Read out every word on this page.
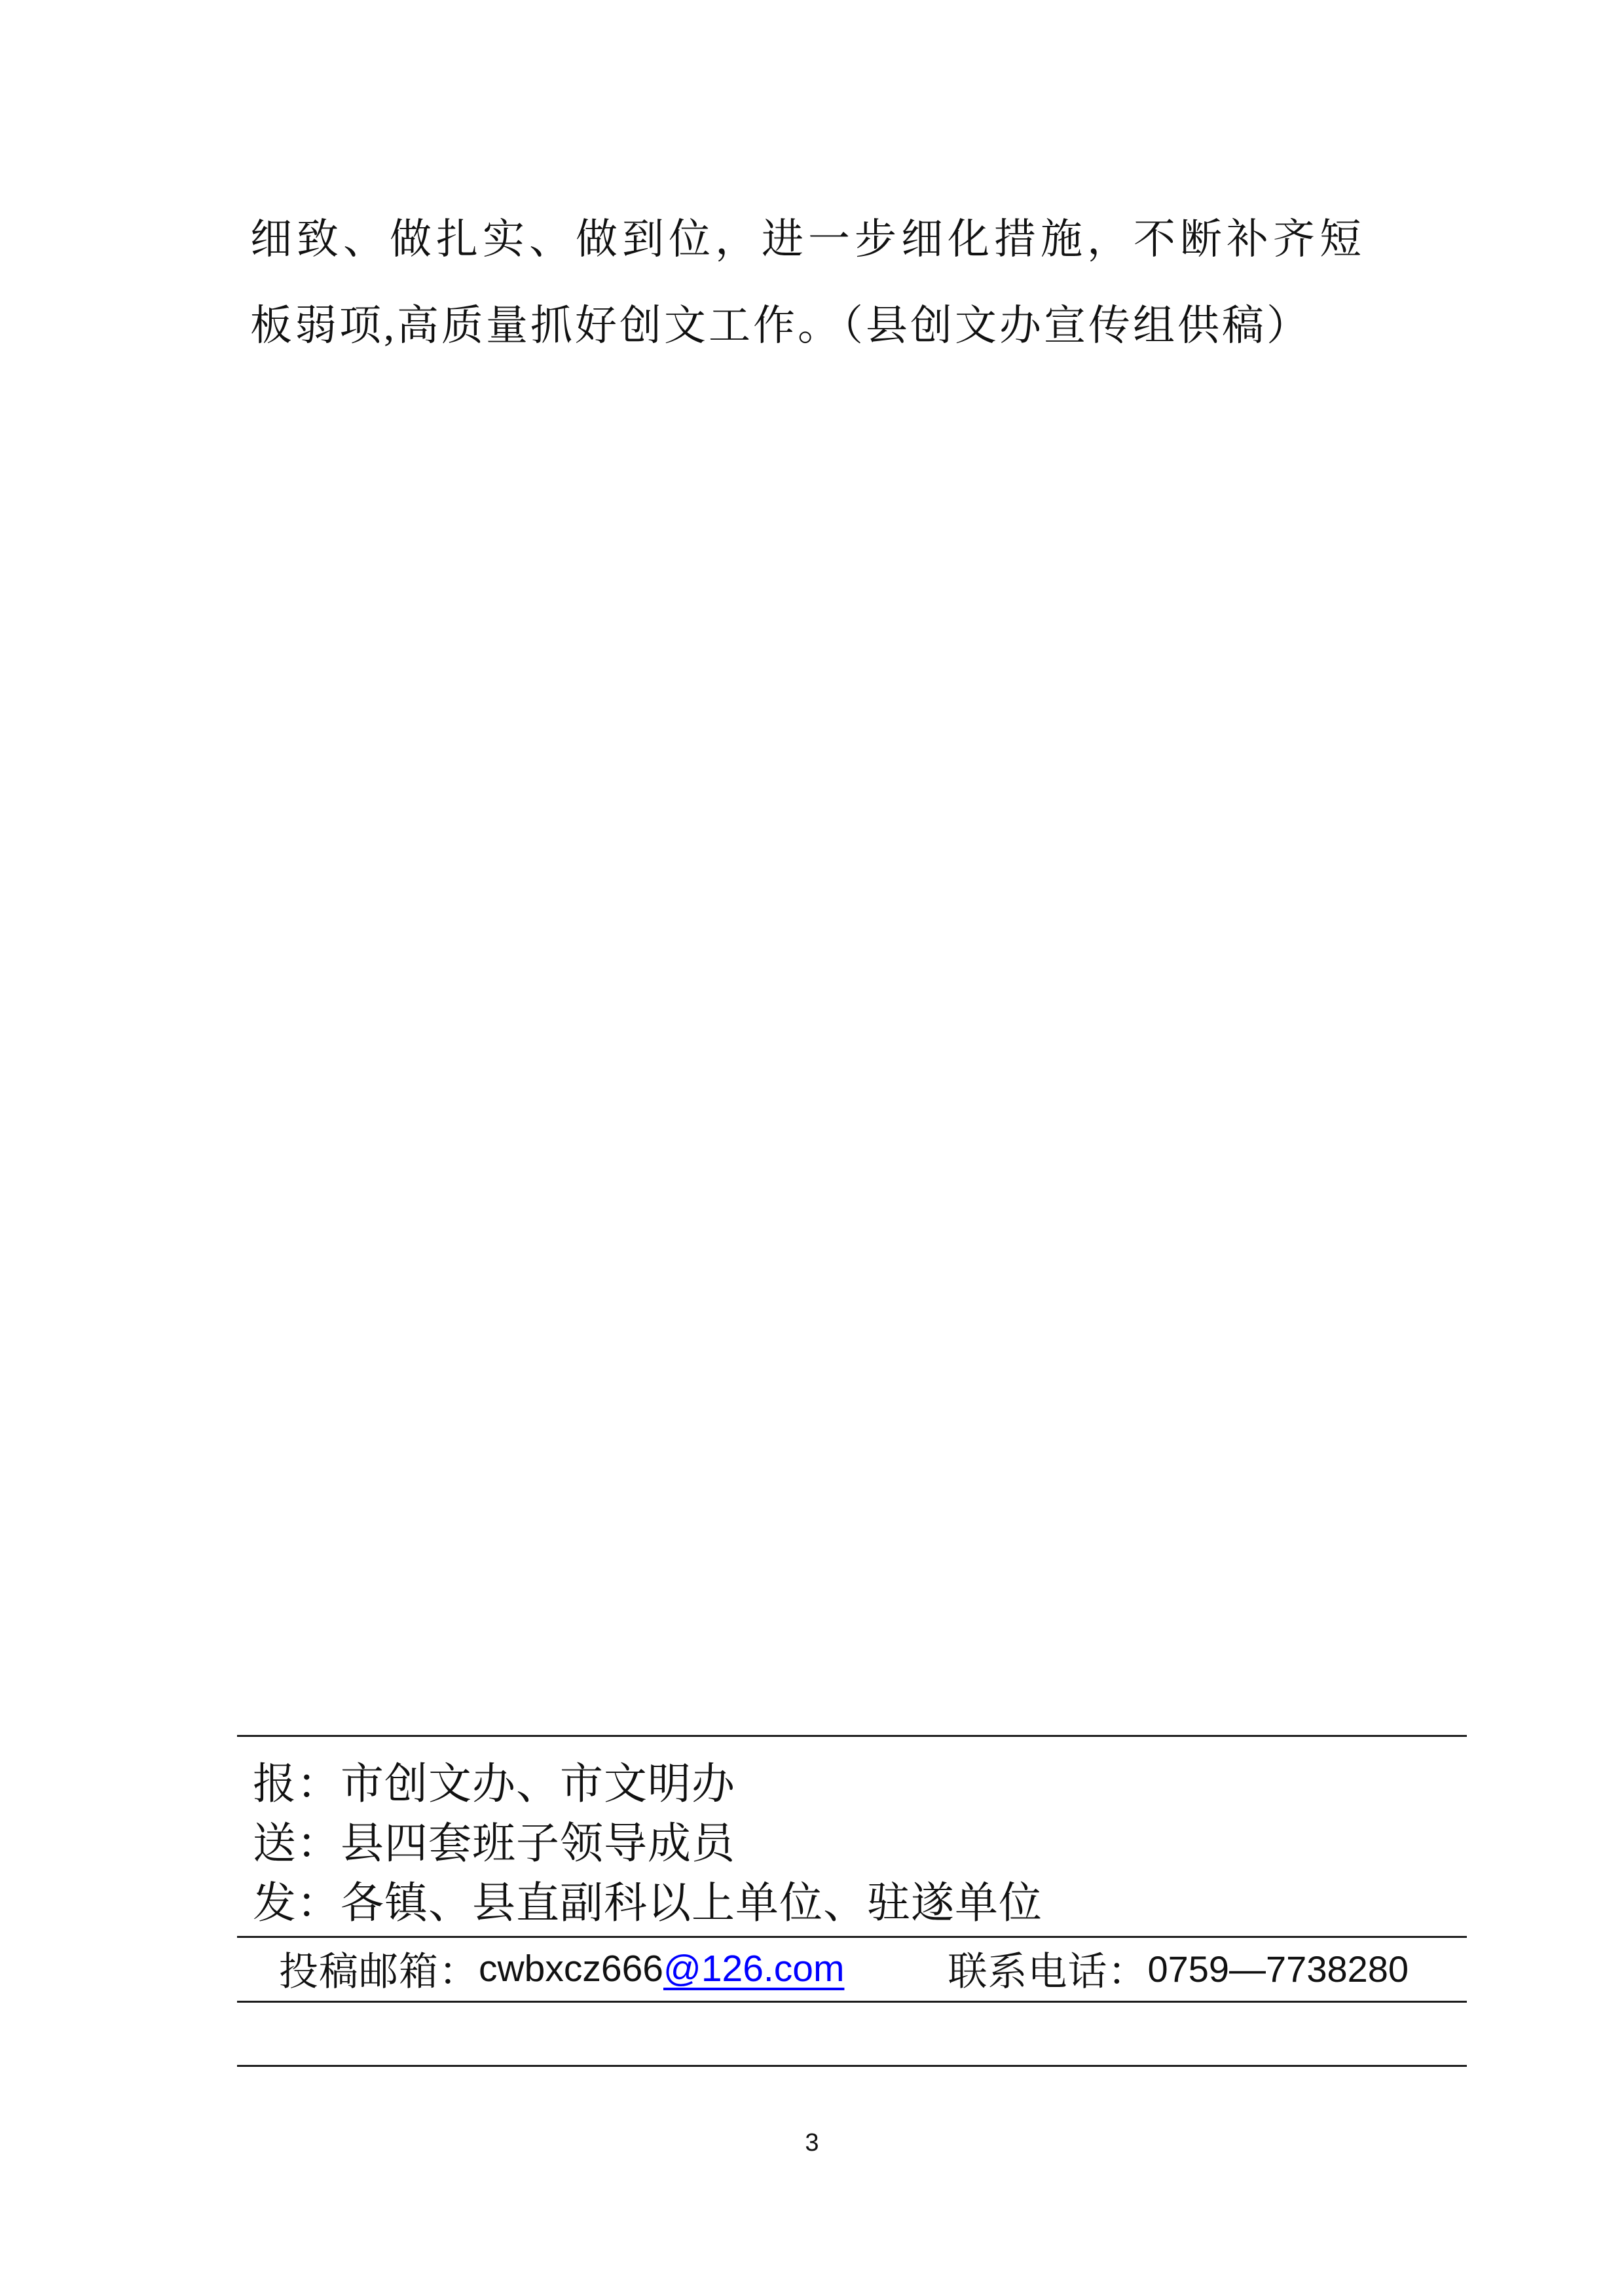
细致、做扎实、做到位，进一步细化措施，不断补齐短
板弱项,高质量抓好创文工作。（县创文办宣传组供稿）
报：市创文办、市文明办
送：县四套班子领导成员
发：各镇、县直副科以上单位、驻遂单位
投稿邮箱： cwbxcz666 @126.com	联系电话： 0759—7738280
3
